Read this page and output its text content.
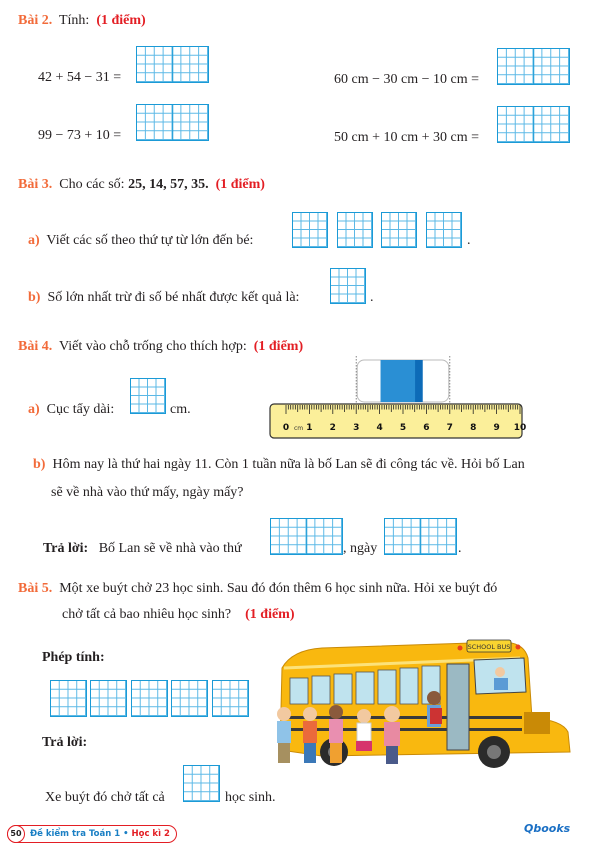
Bài 2. Tính: (1 điểm)
42 + 54 − 31 =
99 − 73 + 10 =
60 cm − 30 cm − 10 cm =
50 cm + 10 cm + 30 cm =
Bài 3. Cho các số: 25, 14, 57, 35. (1 điểm)
a) Viết các số theo thứ tự từ lớn đến bé:	.
b) Số lớn nhất trừ đi số bé nhất được kết quả là:	.
Bài 4. Viết vào chỗ trống cho thích hợp: (1 điểm)
a) Cục tẩy dài:	cm.
0 1 2 3 4 5 6 7 8 9 10
cm
b) Hôm nay là thứ hai ngày 11. Còn 1 tuần nữa là bố Lan sẽ đi công tác về. Hỏi bố Lan
sẽ về nhà vào thứ mấy, ngày mấy?
Trả lời: Bố Lan sẽ về nhà vào thứ	, ngày	.
Bài 5. Một xe buýt chở 23 học sinh. Sau đó đón thêm 6 học sinh nữa. Hỏi xe buýt đó
chở tất cả bao nhiêu học sinh? (1 điểm)
Phép tính:
Trả lời:
Xe buýt đó chở tất cả	học sinh.
SCHOOL BUS
50 Đề kiểm tra Toán 1 • Học kì 2	Qbooks
